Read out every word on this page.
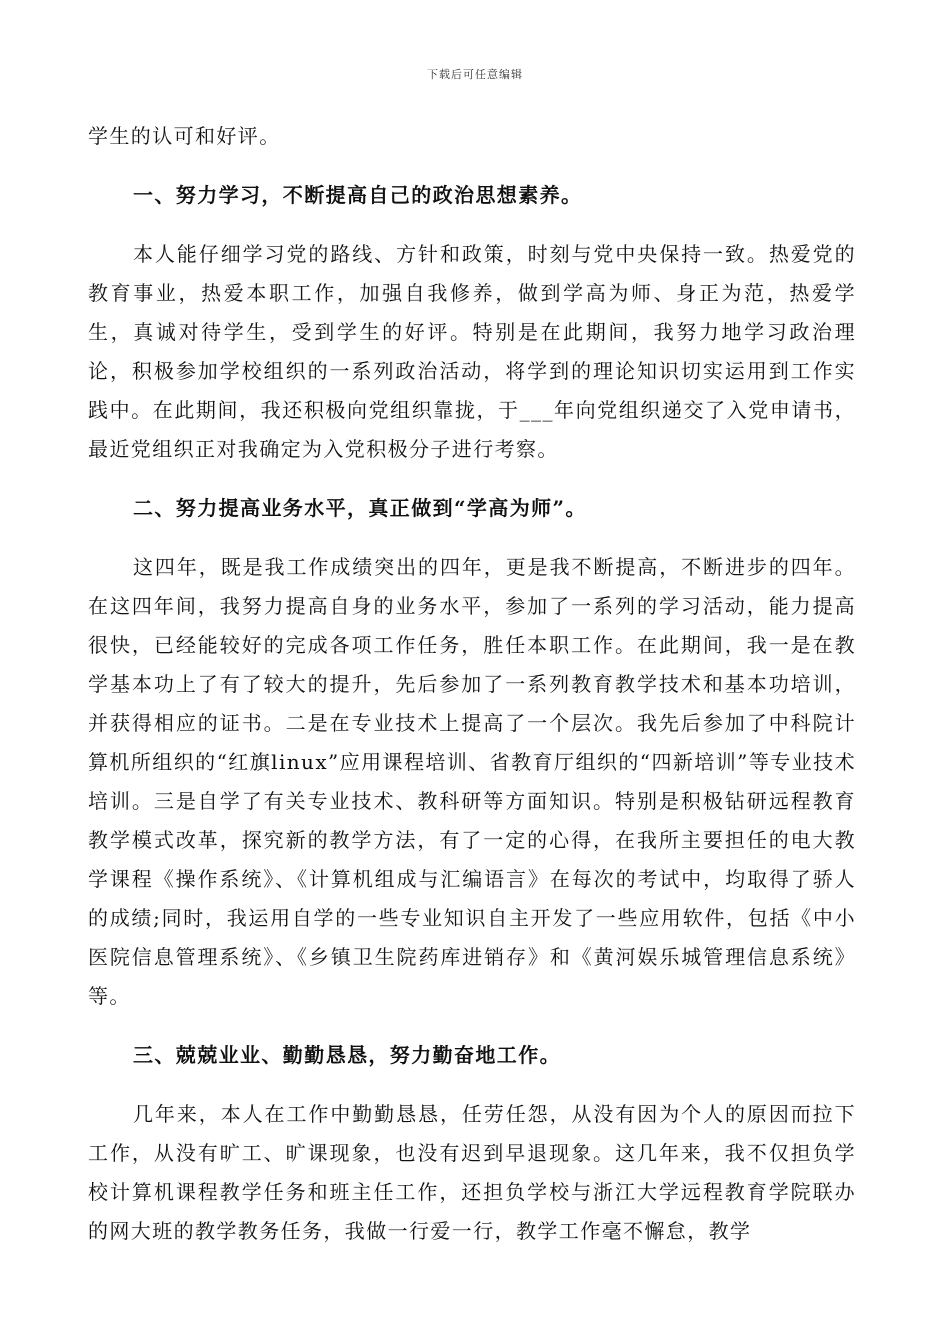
下载后可任意编辑

学生的认可和好评。

一、努力学习，不断提高自己的政治思想素养。

本人能仔细学习党的路线、方针和政策，时刻与党中央保持一致。热爱党的教育事业，热爱本职工作，加强自我修养，做到学高为师、身正为范，热爱学生，真诚对待学生，受到学生的好评。特别是在此期间，我努力地学习政治理论，积极参加学校组织的一系列政治活动，将学到的理论知识切实运用到工作实践中。在此期间，我还积极向党组织靠拢，于___年向党组织递交了入党申请书，最近党组织正对我确定为入党积极分子进行考察。

二、努力提高业务水平，真正做到“学高为师”。

这四年，既是我工作成绩突出的四年，更是我不断提高，不断进步的四年。在这四年间，我努力提高自身的业务水平，参加了一系列的学习活动，能力提高很快，已经能较好的完成各项工作任务，胜任本职工作。在此期间，我一是在教学基本功上了有了较大的提升，先后参加了一系列教育教学技术和基本功培训，并获得相应的证书。二是在专业技术上提高了一个层次。我先后参加了中科院计算机所组织的“红旗linux”应用课程培训、省教育厅组织的“四新培训”等专业技术培训。三是自学了有关专业技术、教科研等方面知识。特别是积极钻研远程教育教学模式改革，探究新的教学方法，有了一定的心得，在我所主要担任的电大教学课程《操作系统》、《计算机组成与汇编语言》在每次的考试中，均取得了骄人的成绩;同时，我运用自学的一些专业知识自主开发了一些应用软件，包括《中小医院信息管理系统》、《乡镇卫生院药库进销存》和《黄河娱乐城管理信息系统》等。

三、兢兢业业、勤勤恳恳，努力勤奋地工作。

几年来，本人在工作中勤勤恳恳，任劳任怨，从没有因为个人的原因而拉下工作，从没有旷工、旷课现象，也没有迟到早退现象。这几年来，我不仅担负学校计算机课程教学任务和班主任工作，还担负学校与浙江大学远程教育学院联办的网大班的教学教务任务，我做一行爱一行，教学工作毫不懈怠，教学
